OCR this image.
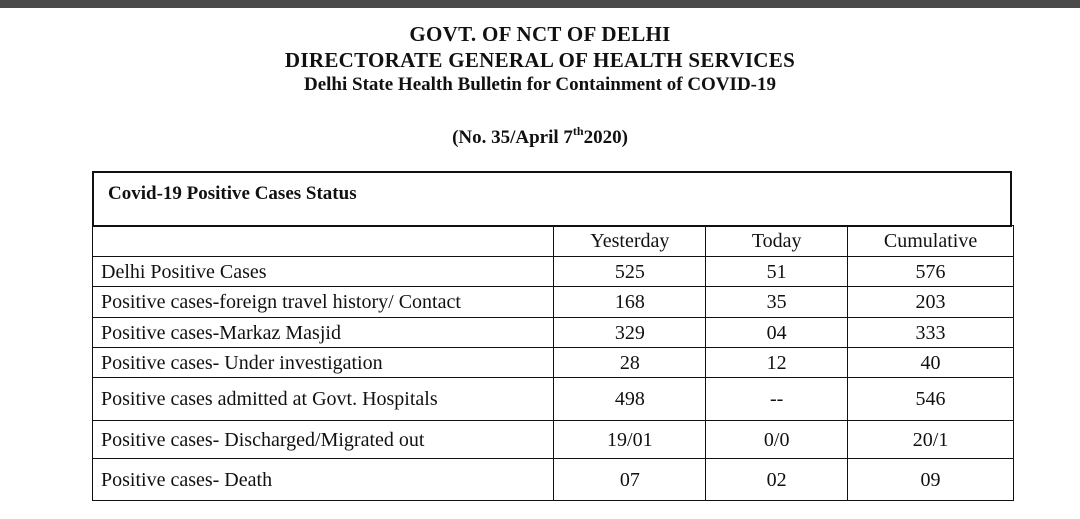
GOVT. OF NCT OF DELHI
DIRECTORATE GENERAL OF HEALTH SERVICES
Delhi State Health Bulletin for Containment of COVID-19
(No. 35/April 7th2020)
Covid-19 Positive Cases Status
	Yesterday	Today	Cumulative
Delhi Positive Cases	525	51	576
Positive cases-foreign travel history/ Contact	168	35	203
Positive cases-Markaz Masjid	329	04	333
Positive cases- Under investigation	28	12	40
Positive cases admitted at Govt. Hospitals	498	--	546
Positive cases- Discharged/Migrated out	19/01	0/0	20/1
Positive cases- Death	07	02	09
